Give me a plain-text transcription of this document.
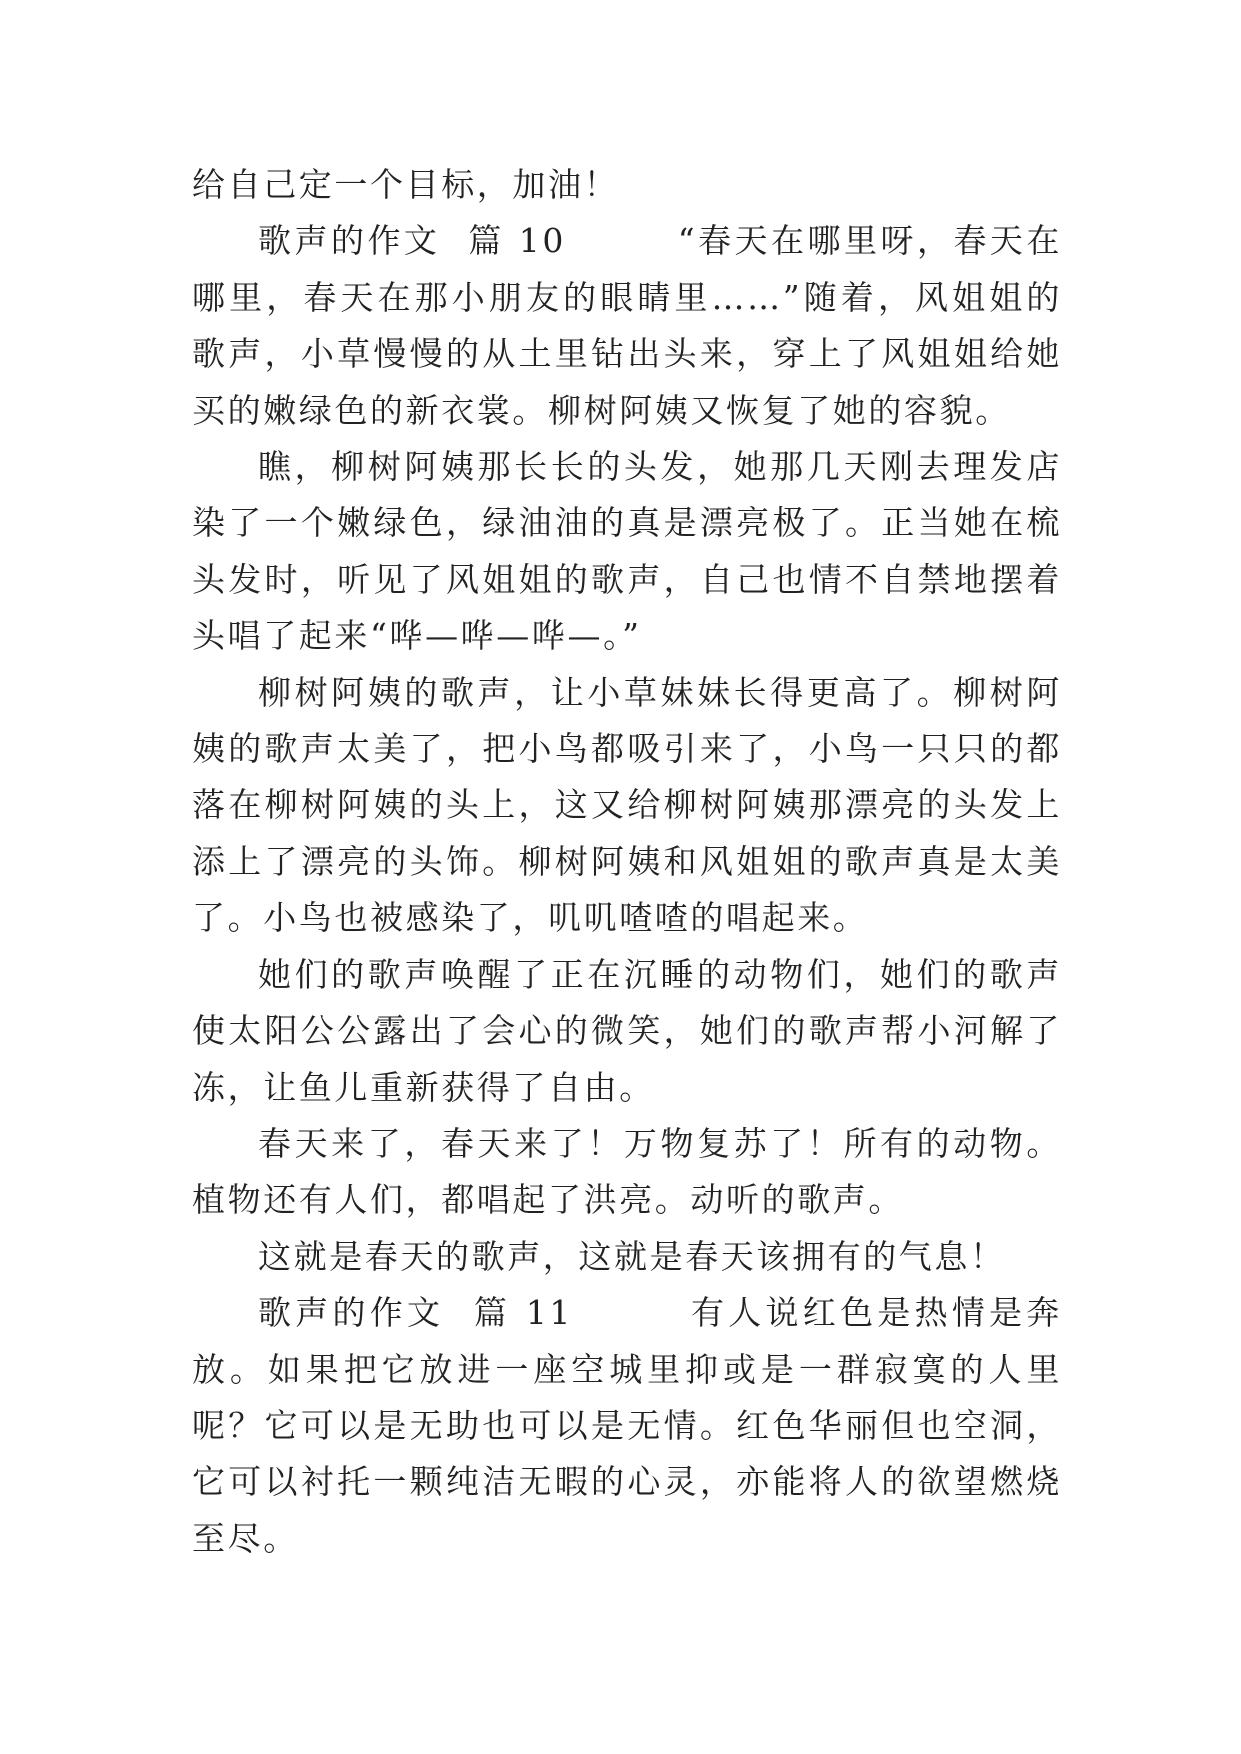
给自己定一个目标，加油！

歌声的作文  篇 10        “春天在哪里呀，春天在哪里，春天在那小朋友的眼睛里……”随着，风姐姐的歌声，小草慢慢的从土里钻出头来，穿上了风姐姐给她买的嫩绿色的新衣裳。柳树阿姨又恢复了她的容貌。

瞧，柳树阿姨那长长的头发，她那几天刚去理发店染了一个嫩绿色，绿油油的真是漂亮极了。正当她在梳头发时，听见了风姐姐的歌声，自己也情不自禁地摆着头唱了起来“哗—哗—哗—。”

柳树阿姨的歌声，让小草妹妹长得更高了。柳树阿姨的歌声太美了，把小鸟都吸引来了，小鸟一只只的都落在柳树阿姨的头上，这又给柳树阿姨那漂亮的头发上添上了漂亮的头饰。柳树阿姨和风姐姐的歌声真是太美了。小鸟也被感染了，叽叽喳喳的唱起来。

她们的歌声唤醒了正在沉睡的动物们，她们的歌声使太阳公公露出了会心的微笑，她们的歌声帮小河解了冻，让鱼儿重新获得了自由。

春天来了，春天来了！万物复苏了！所有的动物。植物还有人们，都唱起了洪亮。动听的歌声。

这就是春天的歌声，这就是春天该拥有的气息！

歌声的作文  篇 11        有人说红色是热情是奔放。如果把它放进一座空城里抑或是一群寂寞的人里呢？它可以是无助也可以是无情。红色华丽但也空洞，它可以衬托一颗纯洁无暇的心灵，亦能将人的欲望燃烧至尽。
